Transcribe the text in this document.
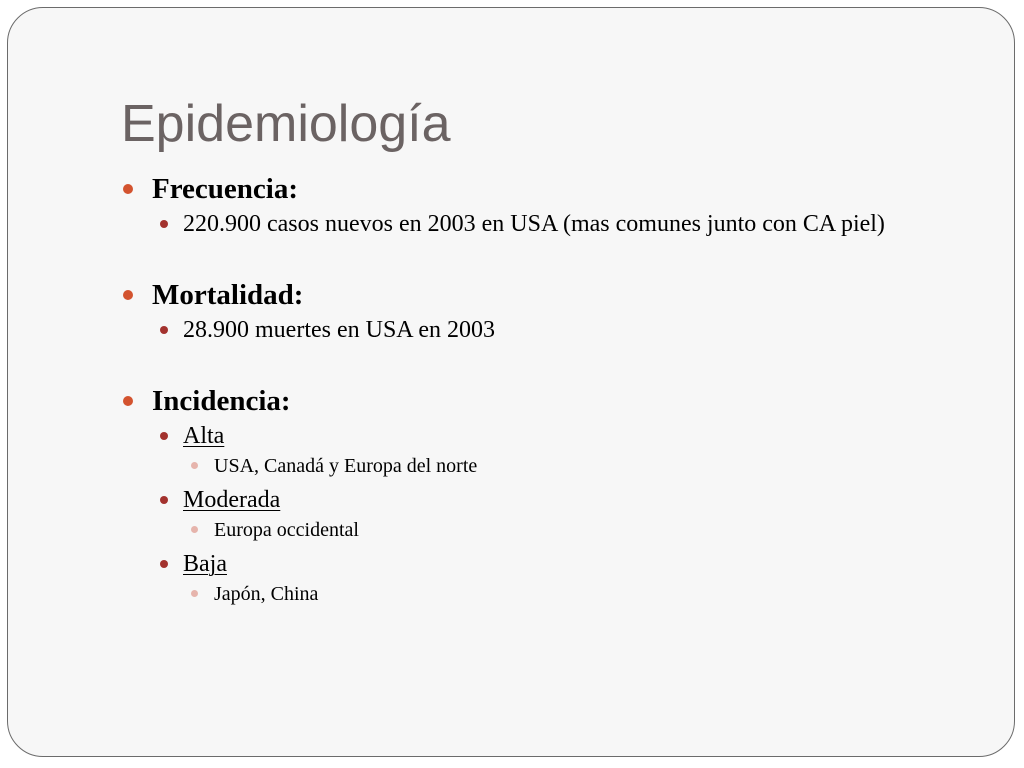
Epidemiología
Frecuencia:
220.900 casos nuevos en 2003 en USA (mas comunes junto con CA piel)
Mortalidad:
28.900 muertes en USA en 2003
Incidencia:
Alta
USA, Canadá y Europa del norte
Moderada
Europa occidental
Baja
Japón, China
